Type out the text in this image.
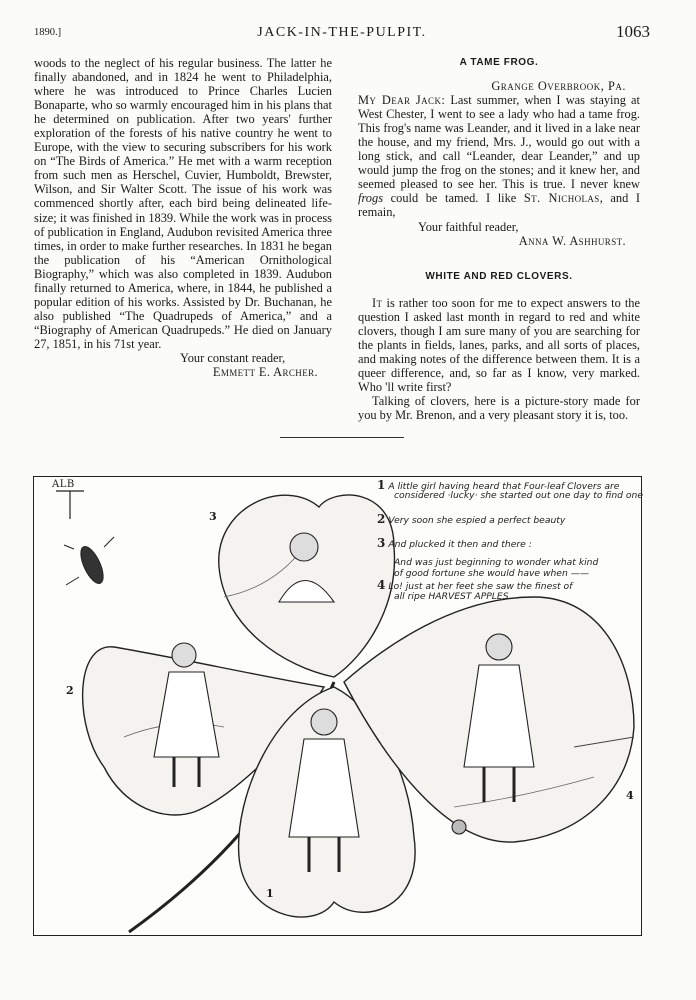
1890.]	JACK-IN-THE-PULPIT.	1063

woods to the neglect of his regular business. The latter he finally abandoned, and in 1824 he went to Philadelphia, where he was introduced to Prince Charles Lucien Bonaparte, who so warmly encouraged him in his plans that he determined on publication. After two years' further exploration of the forests of his native country he went to Europe, with the view to securing subscribers for his work on “The Birds of America.” He met with a warm reception from such men as Herschel, Cuvier, Humboldt, Brewster, Wilson, and Sir Walter Scott. The issue of his work was commenced shortly after, each bird being delineated life-size; it was finished in 1839. While the work was in process of publication in England, Audubon revisited America three times, in order to make further researches. In 1831 he began the publication of his “American Ornithological Biography,” which was also completed in 1839. Audubon finally returned to America, where, in 1844, he published a popular edition of his works. Assisted by Dr. Buchanan, he also published “The Quadrupeds of America,” and a “Biography of American Quadrupeds.” He died on January 27, 1851, in his 71st year.

Your constant reader,

Emmett E. Archer.

A TAME FROG.

Grange Overbrook, Pa.

My Dear Jack: Last summer, when I was staying at West Chester, I went to see a lady who had a tame frog. This frog's name was Leander, and it lived in a lake near the house, and my friend, Mrs. J., would go out with a long stick, and call “Leander, dear Leander,” and up would jump the frog on the stones; and it knew her, and seemed pleased to see her. This is true. I never knew frogs could be tamed. I like St. Nicholas, and I remain,

Your faithful reader,

Anna W. Ashhurst.

WHITE AND RED CLOVERS.

It is rather too soon for me to expect answers to the question I asked last month in regard to red and white clovers, though I am sure many of you are searching for the plants in fields, lanes, parks, and all sorts of places, and making notes of the difference between them. It is a queer difference, and, so far as I know, very marked. Who 'll write first?

Talking of clovers, here is a picture-story made for you by Mr. Brenon, and a very pleasant story it is, too.

ALB	1 A little girl having heard that Four-leaf Clovers are
considered ·lucky· she started out one day to find one
2 Very soon she espied a perfect beauty
3 And plucked it then and there :
And was just beginning to wonder what kind
of good fortune she would have when ——
4 Lo! just at her feet she saw the finest of
all ripe HARVEST APPLES.
3
2
1
4
